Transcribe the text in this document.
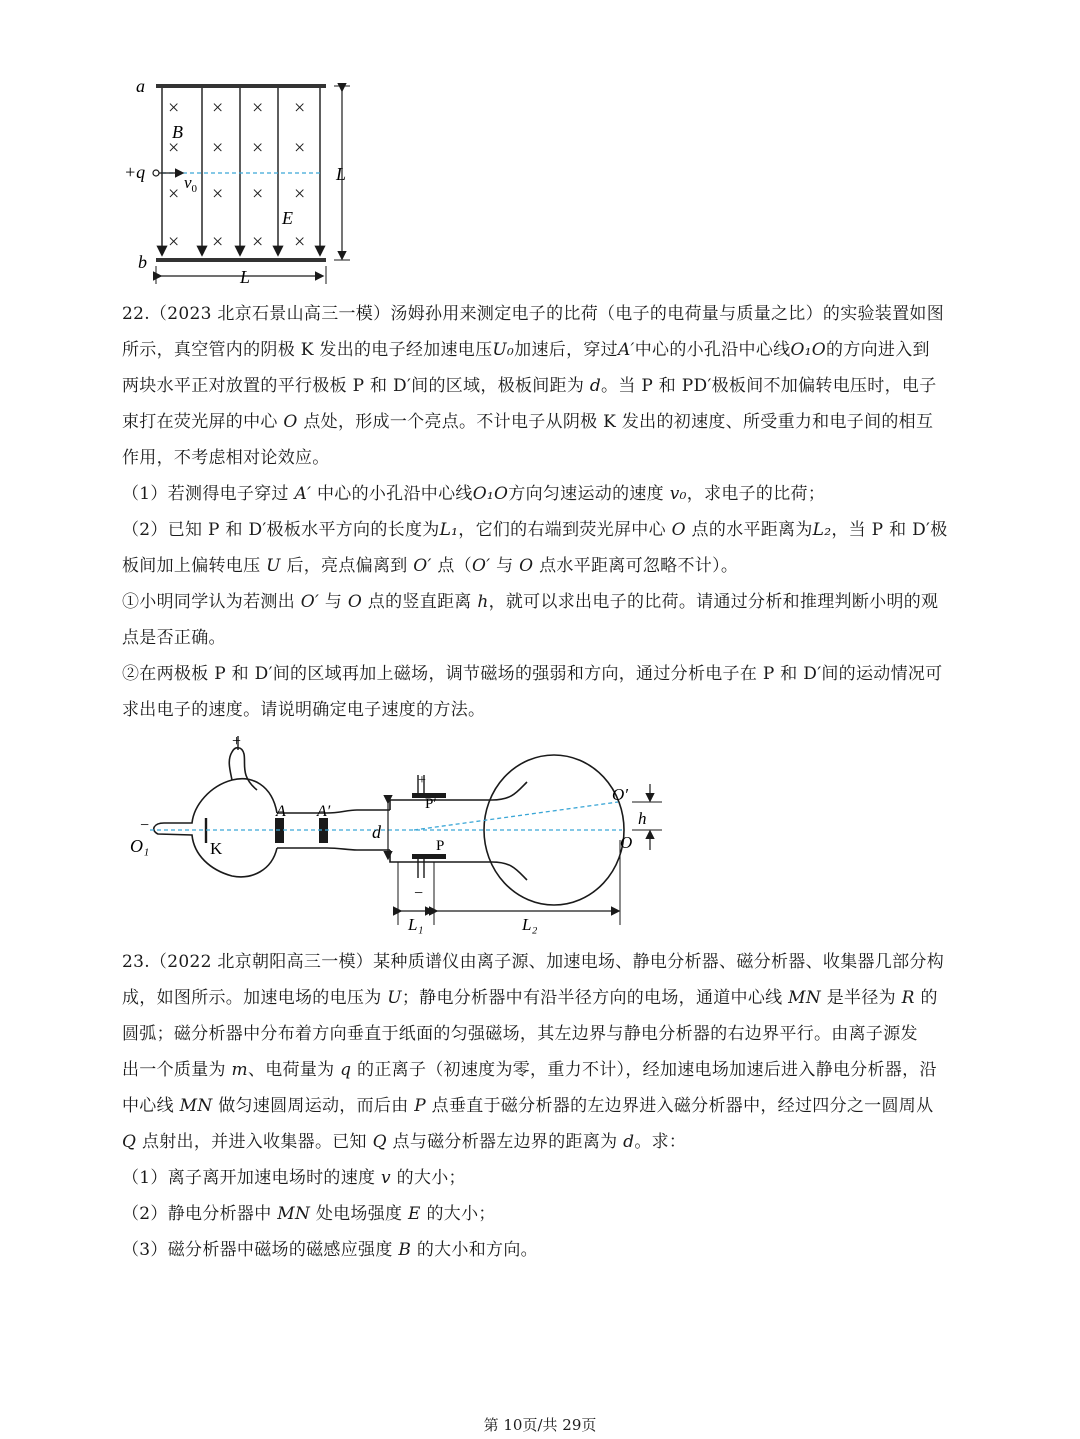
× × × ×
× × × ×
× × × ×
× × × ×
a
b
B
E
+q
$v_0$
L
L
22.（2023 北京石景山高三一模）汤姆孙用来测定电子的比荷（电子的电荷量与质量之比）的实验装置如图
所示，真空管内的阴极 K 发出的电子经加速电压U₀加速后，穿过A′中心的小孔沿中心线O₁O的方向进入到
两块水平正对放置的平行极板 P 和 D′间的区域，极板间距为 d。当 P 和 PD′极板间不加偏转电压时，电子
束打在荧光屏的中心 O 点处，形成一个亮点。不计电子从阴极 K 发出的初速度、所受重力和电子间的相互
作用，不考虑相对论效应。
（1）若测得电子穿过 A′ 中心的小孔沿中心线O₁O方向匀速运动的速度 v₀，求电子的比荷；
（2）已知 P 和 D′极板水平方向的长度为L₁，它们的右端到荧光屏中心 O 点的水平距离为L₂，当 P 和 D′极
板间加上偏转电压 U 后，亮点偏离到 O′ 点（O′ 与 O 点水平距离可忽略不计）。
①小明同学认为若测出 O′ 与 O 点的竖直距离 h，就可以求出电子的比荷。请通过分析和推理判断小明的观
点是否正确。
②在两极板 P 和 D′间的区域再加上磁场，调节磁场的强弱和方向，通过分析电子在 P 和 D′间的运动情况可
求出电子的速度。请说明确定电子速度的方法。
+
−
O₁	K
A A′
d
+
P′
P
−
O′
h
O
L₁	L₂
23.（2022 北京朝阳高三一模）某种质谱仪由离子源、加速电场、静电分析器、磁分析器、收集器几部分构
成，如图所示。加速电场的电压为 U；静电分析器中有沿半径方向的电场，通道中心线 MN 是半径为 R 的
圆弧；磁分析器中分布着方向垂直于纸面的匀强磁场，其左边界与静电分析器的右边界平行。由离子源发
出一个质量为 m、电荷量为 q 的正离子（初速度为零，重力不计），经加速电场加速后进入静电分析器，沿
中心线 MN 做匀速圆周运动，而后由 P 点垂直于磁分析器的左边界进入磁分析器中，经过四分之一圆周从
Q 点射出，并进入收集器。已知 Q 点与磁分析器左边界的距离为 d。求：
（1）离子离开加速电场时的速度 v 的大小；
（2）静电分析器中 MN 处电场强度 E 的大小；
（3）磁分析器中磁场的磁感应强度 B 的大小和方向。
第 10页/共 29页
